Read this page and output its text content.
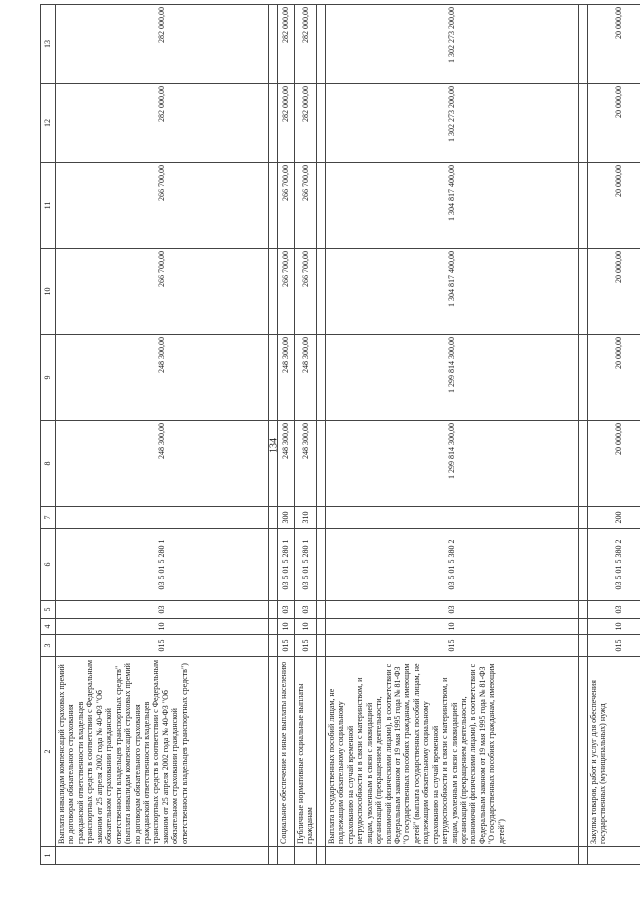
134
1	2	3	4	5	6	7	8	9	10	11	12	13
	Выплата инвалидам компенсаций страховых премий по договорам обязательного страхования гражданской ответственности владельцев транспортных средств в соответствии с Федеральным законом от 25 апреля 2002 года № 40-ФЗ "Об обязательном страховании гражданской ответственности владельцев транспортных средств" (выплата инвалидам компенсаций страховых премий по договорам обязательного страхования гражданской ответственности владельцев транспортных средств в соответствии с Федеральным законом от 25 апреля 2002 года № 40-ФЗ "Об обязательном страховании гражданской ответственности владельцев транспортных средств")	015	10	03	03 5 01 5 280 1		248 300,00	248 300,00	266 700,00	266 700,00	282 000,00	282 000,00

	Социальное обеспечение и иные выплаты населению	015	10	03	03 5 01 5 280 1	300	248 300,00	248 300,00	266 700,00	266 700,00	282 000,00	282 000,00
	Публичные нормативные социальные выплаты гражданам	015	10	03	03 5 01 5 280 1	310	248 300,00	248 300,00	266 700,00	266 700,00	282 000,00	282 000,00

	Выплата государственных пособий лицам, не подлежащим обязательному социальному страхованию на случай временной нетрудоспособности и в связи с материнством, и лицам, уволенным в связи с ликвидацией организаций (прекращением деятельности, полномочий физическими лицами), в соответствии с Федеральным законом от 19 мая 1995 года № 81-ФЗ "О государственных пособиях гражданам, имеющим детей" (выплата государственных пособий лицам, не подлежащим обязательному социальному страхованию на случай временной нетрудоспособности и в связи с материнством, и лицам, уволенным в связи с ликвидацией организаций (прекращением деятельности, полномочий физическими лицами), в соответствии с Федеральным законом от 19 мая 1995 года № 81-ФЗ "О государственных пособиях гражданам, имеющим детей")	015	10	03	03 5 01 5 380 2		1 299 814 300,00	1 299 814 300,00	1 304 817 400,00	1 304 817 400,00	1 302 273 200,00	1 302 273 200,00

	Закупка товаров, работ и услуг для обеспечения государственных (муниципальных) нужд	015	10	03	03 5 01 5 380 2	200	20 000,00	20 000,00	20 000,00	20 000,00	20 000,00	20 000,00
